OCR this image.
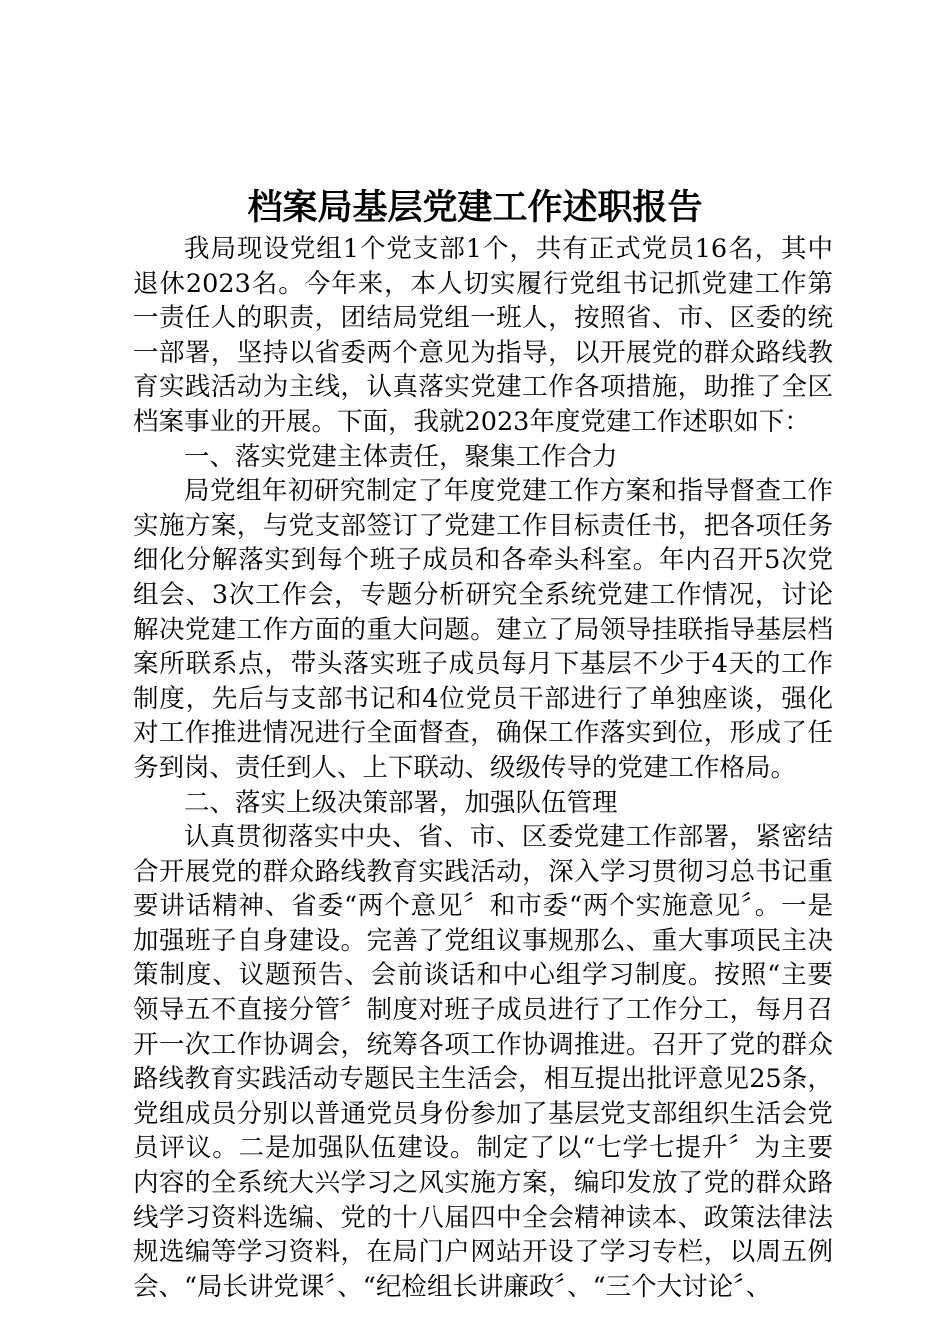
档案局基层党建工作述职报告

我局现设党组1个党支部1个，共有正式党员16名，其中退休2023名。今年来，本人切实履行党组书记抓党建工作第一责任人的职责，团结局党组一班人，按照省、市、区委的统一部署，坚持以省委两个意见为指导，以开展党的群众路线教育实践活动为主线，认真落实党建工作各项措施，助推了全区档案事业的开展。下面，我就2023年度党建工作述职如下：

一、落实党建主体责任，聚集工作合力

局党组年初研究制定了年度党建工作方案和指导督查工作实施方案，与党支部签订了党建工作目标责任书，把各项任务细化分解落实到每个班子成员和各牵头科室。年内召开5次党组会、3次工作会，专题分析研究全系统党建工作情况，讨论解决党建工作方面的重大问题。建立了局领导挂联指导基层档案所联系点，带头落实班子成员每月下基层不少于4天的工作制度，先后与支部书记和4位党员干部进行了单独座谈，强化对工作推进情况进行全面督查，确保工作落实到位，形成了任务到岗、责任到人、上下联动、级级传导的党建工作格局。

二、落实上级决策部署，加强队伍管理

认真贯彻落实中央、省、市、区委党建工作部署，紧密结合开展党的群众路线教育实践活动，深入学习贯彻习总书记重要讲话精神、省委“两个意见〞和市委“两个实施意见〞。一是加强班子自身建设。完善了党组议事规那么、重大事项民主决策制度、议题预告、会前谈话和中心组学习制度。按照“主要领导五不直接分管〞制度对班子成员进行了工作分工，每月召开一次工作协调会，统筹各项工作协调推进。召开了党的群众路线教育实践活动专题民主生活会，相互提出批评意见25条，党组成员分别以普通党员身份参加了基层党支部组织生活会党员评议。二是加强队伍建设。制定了以“七学七提升〞为主要内容的全系统大兴学习之风实施方案，编印发放了党的群众路线学习资料选编、党的十八届四中全会精神读本、政策法律法规选编等学习资料，在局门户网站开设了学习专栏，以周五例会、“局长讲党课〞、“纪检组长讲廉政〞、“三个大讨论〞、
